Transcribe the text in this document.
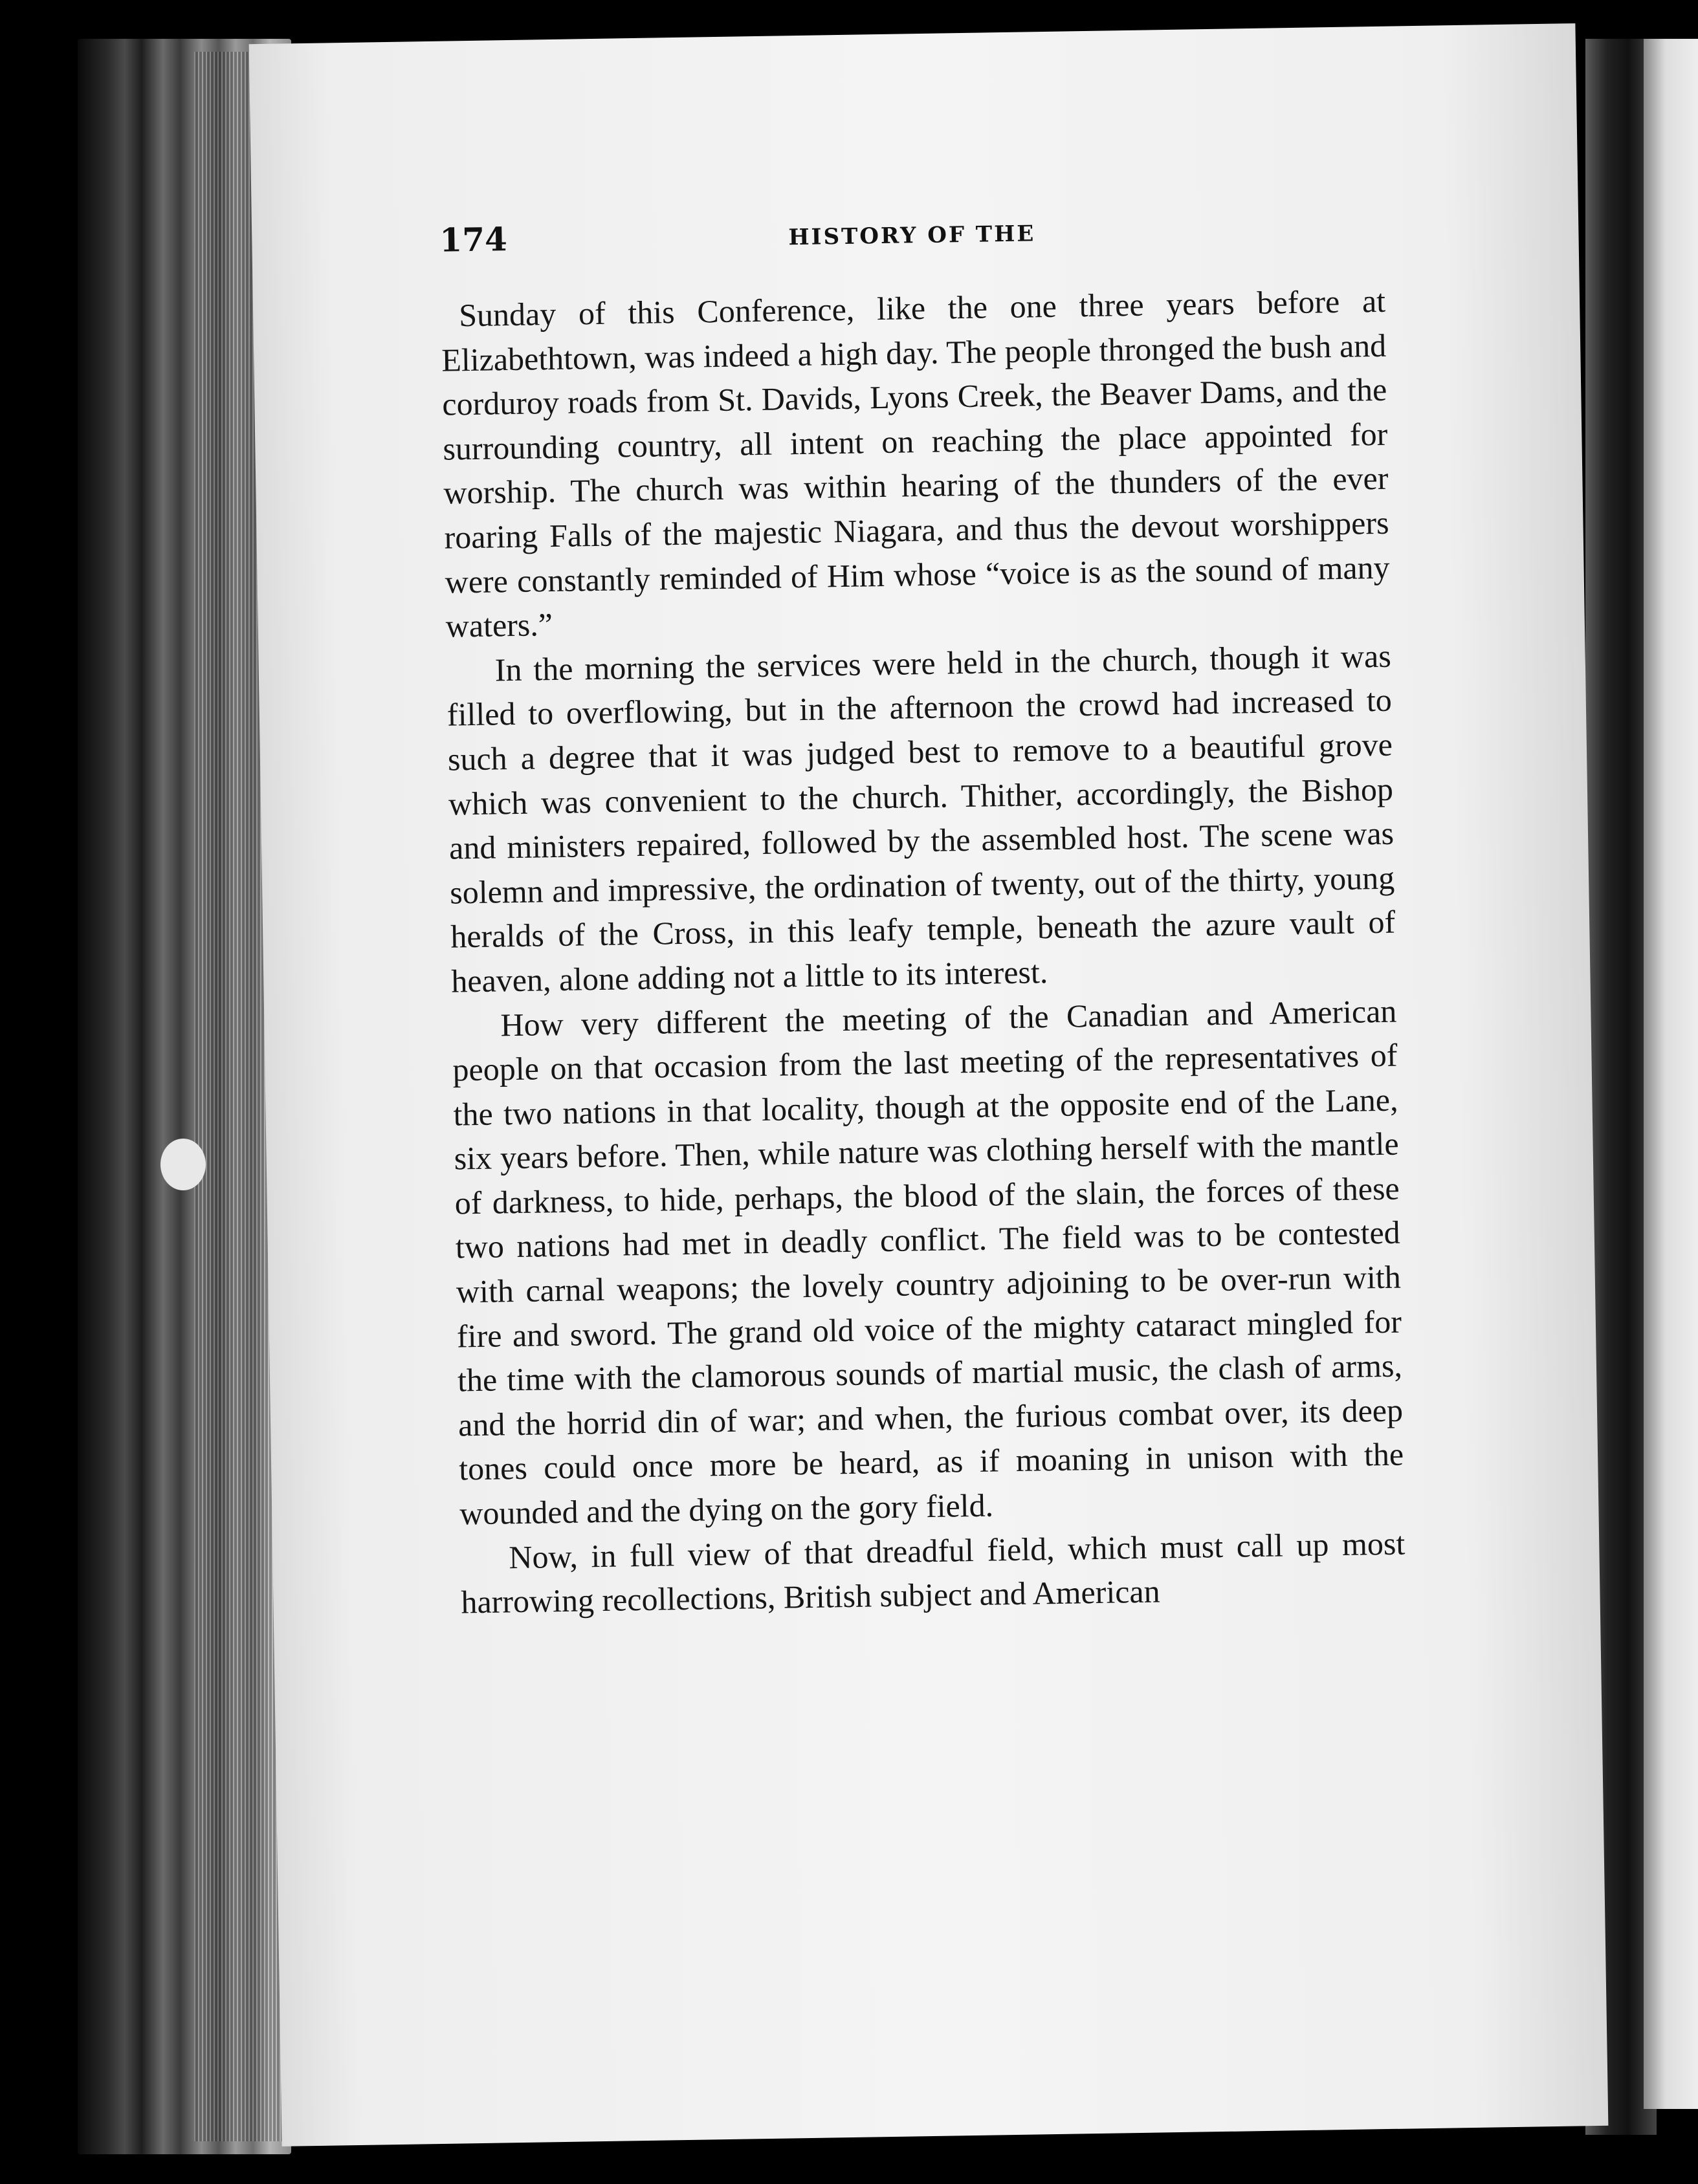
174	HISTORY OF THE

Sunday of this Conference, like the one three years before at Elizabethtown, was indeed a high day. The people thronged the bush and corduroy roads from St. Davids, Lyons Creek, the Beaver Dams, and the surrounding country, all intent on reaching the place appointed for worship. The church was within hearing of the thunders of the ever roaring Falls of the majestic Niagara, and thus the devout worshippers were constantly reminded of Him whose “voice is as the sound of many waters.”

In the morning the services were held in the church, though it was filled to overflowing, but in the afternoon the crowd had increased to such a degree that it was judged best to remove to a beautiful grove which was convenient to the church. Thither, accordingly, the Bishop and ministers repaired, followed by the assembled host. The scene was solemn and impressive, the ordination of twenty, out of the thirty, young heralds of the Cross, in this leafy temple, beneath the azure vault of heaven, alone adding not a little to its interest.

How very different the meeting of the Canadian and American people on that occasion from the last meeting of the representatives of the two nations in that locality, though at the opposite end of the Lane, six years before. Then, while nature was clothing herself with the mantle of darkness, to hide, perhaps, the blood of the slain, the forces of these two nations had met in deadly conflict. The field was to be contested with carnal weapons; the lovely country adjoining to be over-run with fire and sword. The grand old voice of the mighty cataract mingled for the time with the clamorous sounds of martial music, the clash of arms, and the horrid din of war; and when, the furious combat over, its deep tones could once more be heard, as if moaning in unison with the wounded and the dying on the gory field.

Now, in full view of that dreadful field, which must call up most harrowing recollections, British subject and American
